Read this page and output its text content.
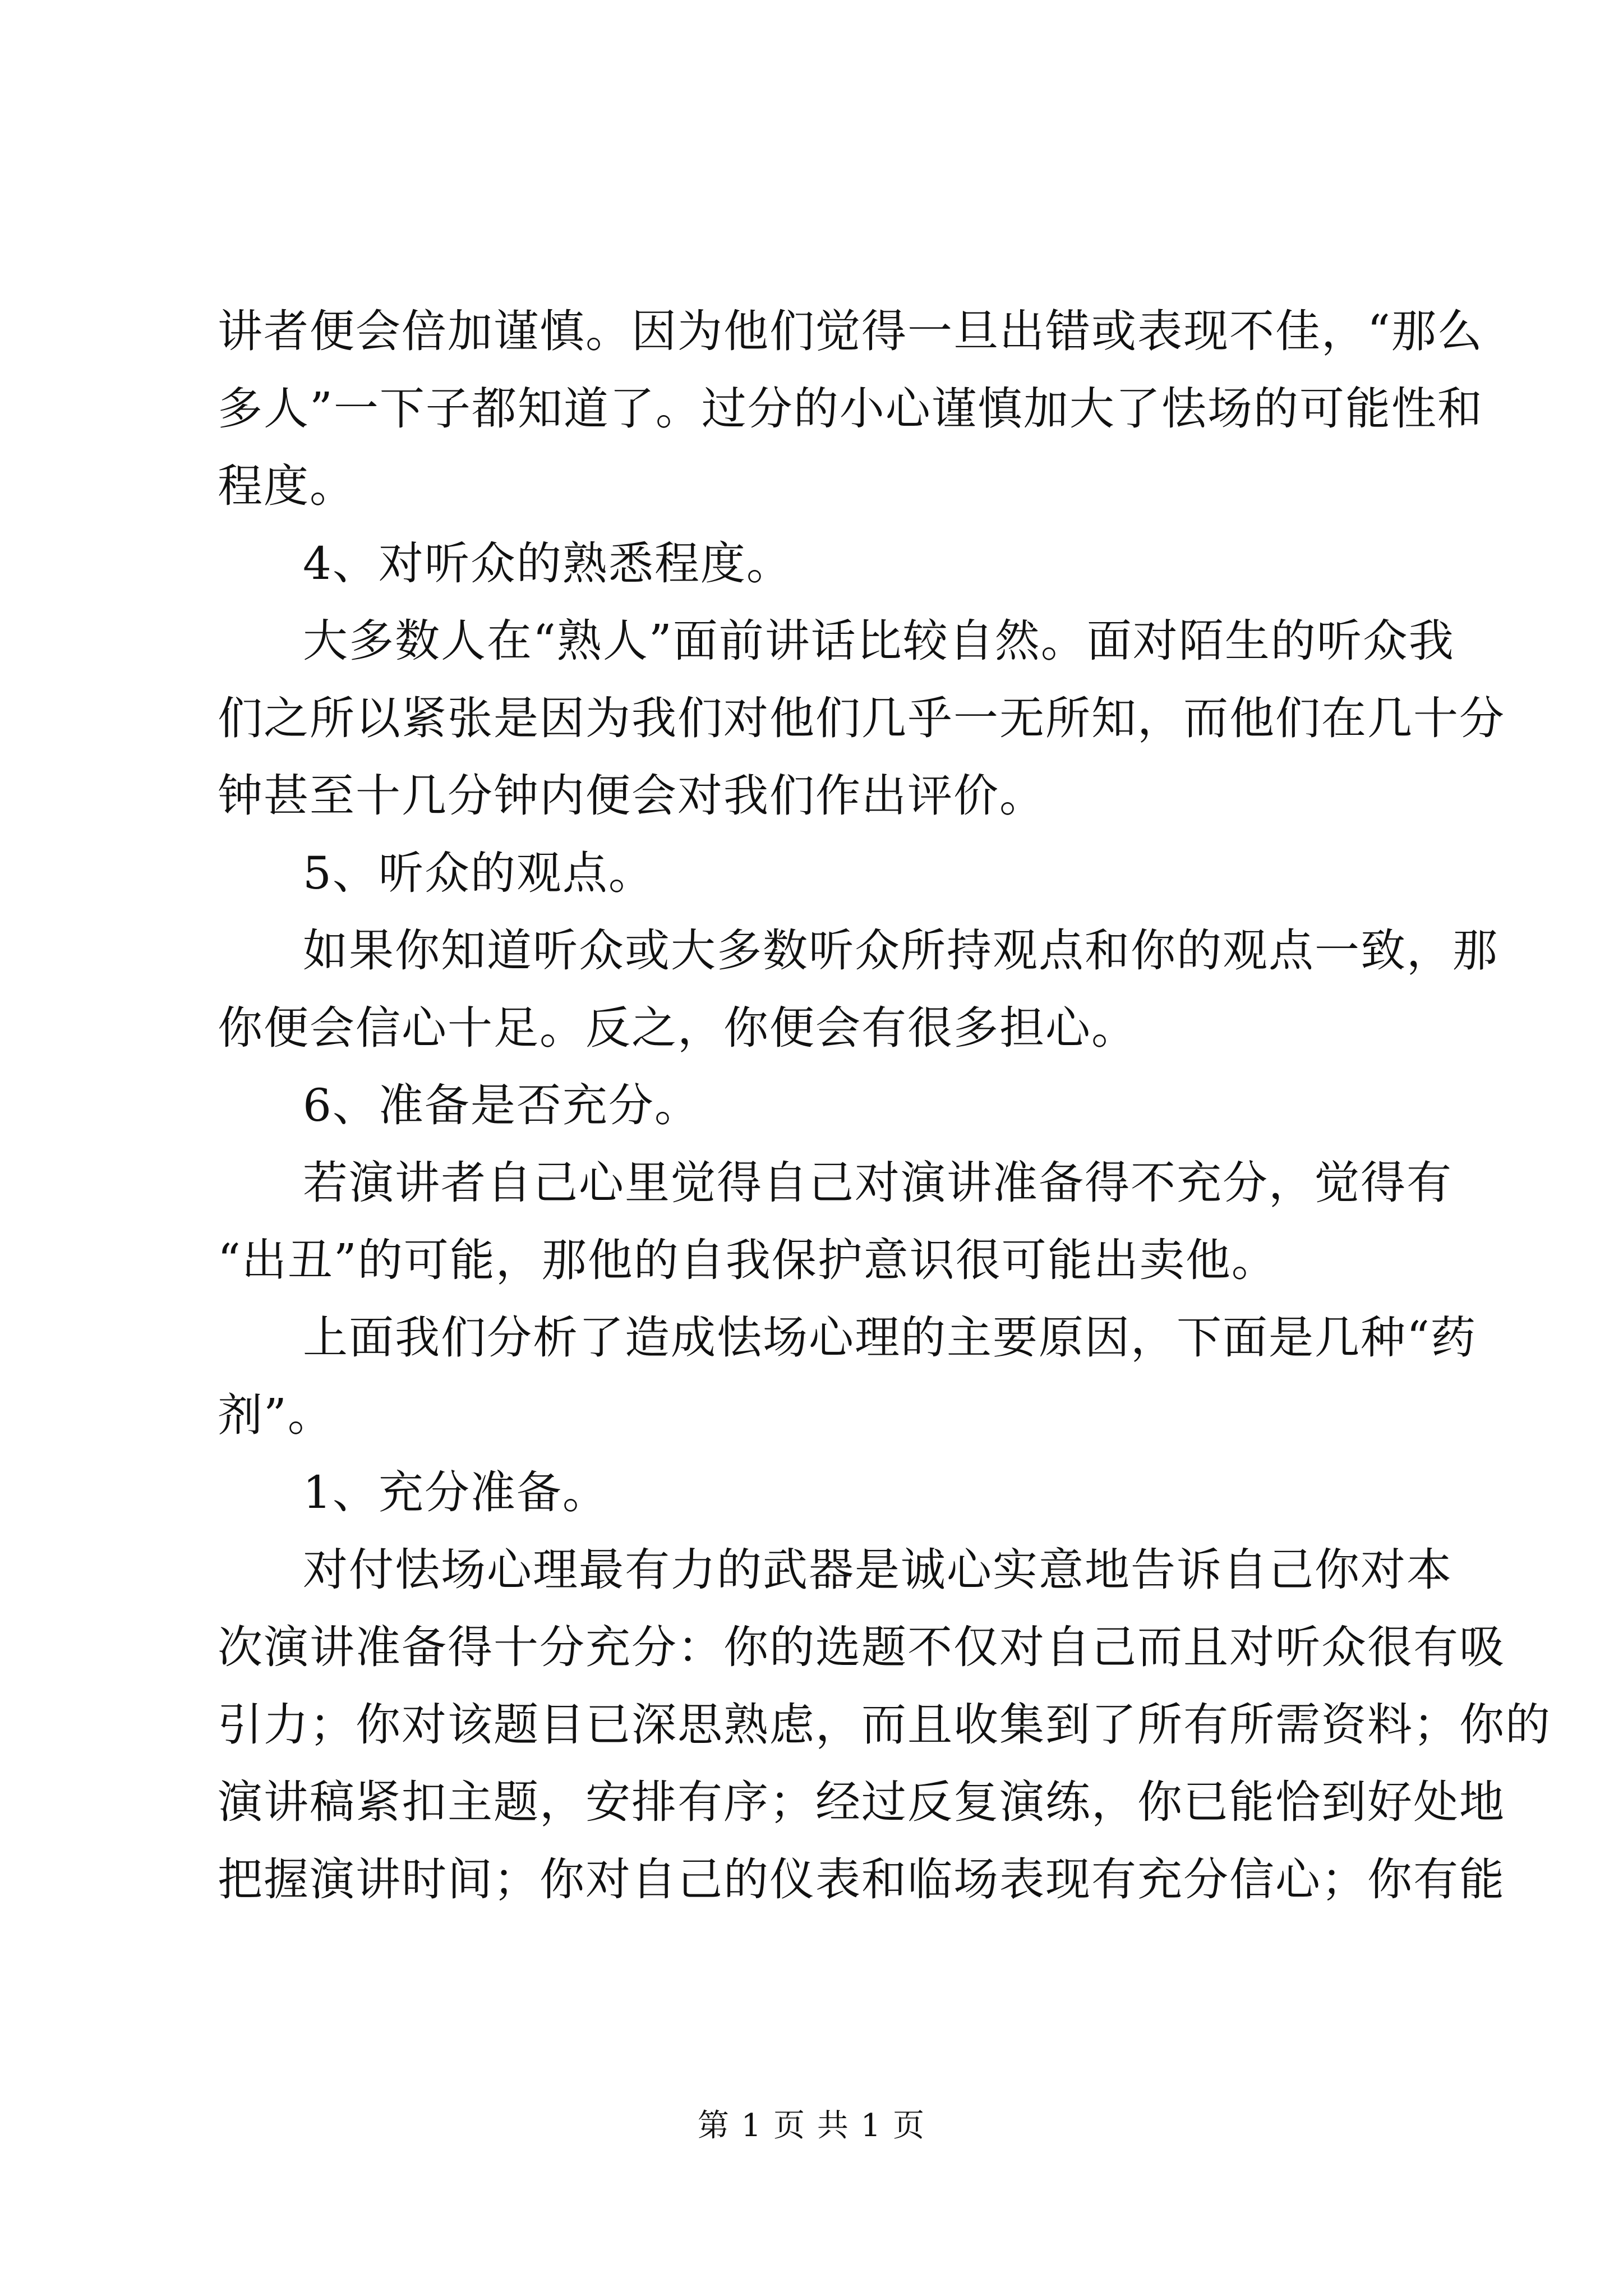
讲者便会倍加谨慎。因为他们觉得一旦出错或表现不佳，“那么
多人”一下子都知道了。过分的小心谨慎加大了怯场的可能性和
程度。
4、对听众的熟悉程度。
大多数人在“熟人”面前讲话比较自然。面对陌生的听众我
们之所以紧张是因为我们对他们几乎一无所知，而他们在几十分
钟甚至十几分钟内便会对我们作出评价。
5、听众的观点。
如果你知道听众或大多数听众所持观点和你的观点一致，那
你便会信心十足。反之，你便会有很多担心。
6、准备是否充分。
若演讲者自己心里觉得自己对演讲准备得不充分，觉得有
“出丑”的可能，那他的自我保护意识很可能出卖他。
上面我们分析了造成怯场心理的主要原因，下面是几种“药
剂”。
1、充分准备。
对付怯场心理最有力的武器是诚心实意地告诉自己你对本
次演讲准备得十分充分：你的选题不仅对自己而且对听众很有吸
引力；你对该题目已深思熟虑，而且收集到了所有所需资料；你的
演讲稿紧扣主题，安排有序；经过反复演练，你已能恰到好处地
把握演讲时间；你对自己的仪表和临场表现有充分信心；你有能
第 1 页 共 1 页
